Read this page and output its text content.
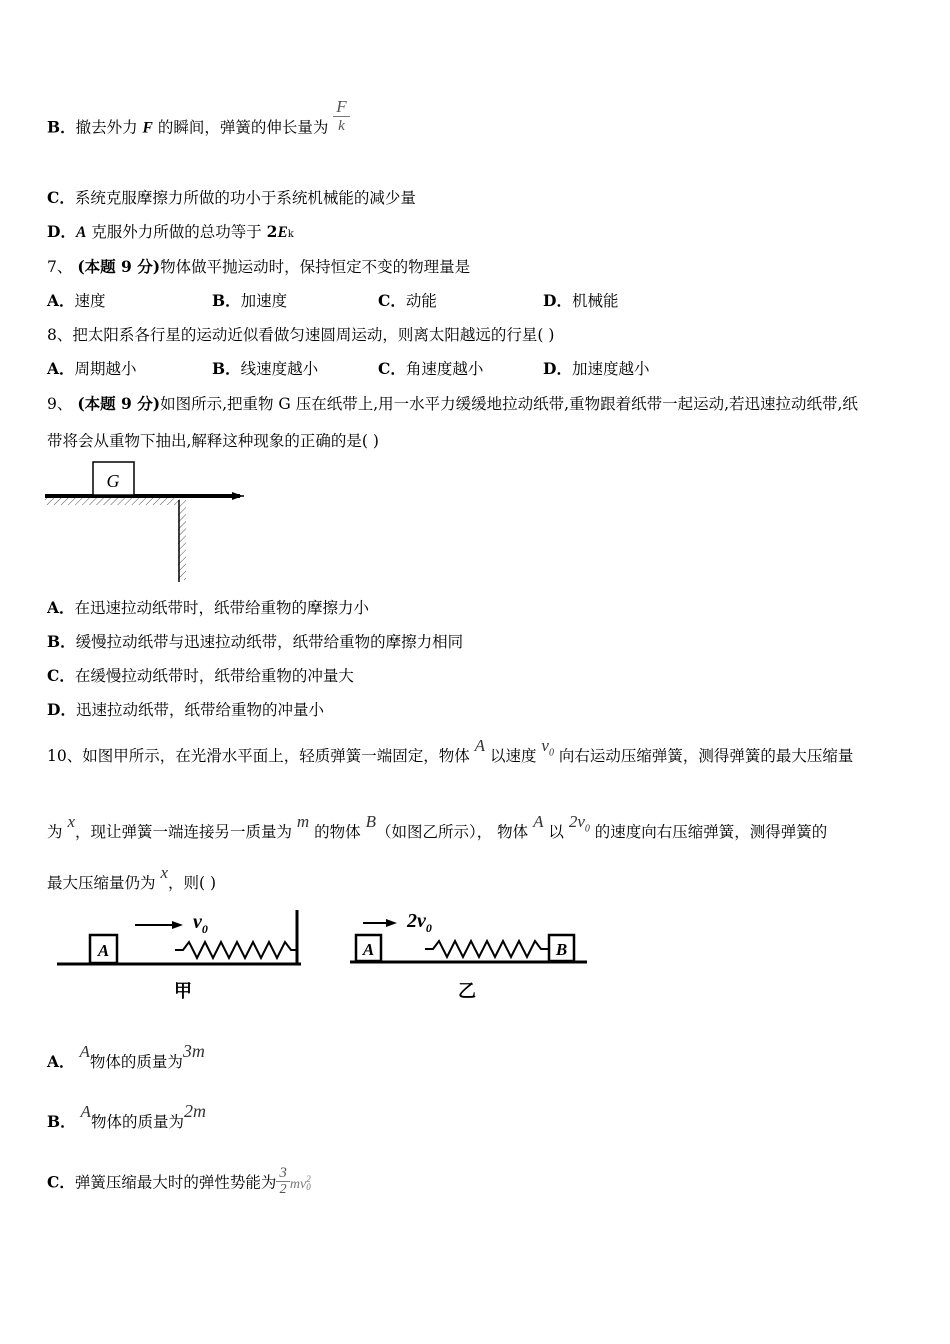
B．撤去外力 F 的瞬间，弹簧的伸长量为 $\frac{F}{k}$
C．系统克服摩擦力所做的功小于系统机械能的减少量
D．A 克服外力所做的总功等于 2Ek
7、 (本题 9 分)物体做平抛运动时，保持恒定不变的物理量是
A．速度	B．加速度	C．动能	D．机械能
8、把太阳系各行星的运动近似看做匀速圆周运动，则离太阳越远的行星( )
A．周期越小	B．线速度越小	C．角速度越小	D．加速度越小
9、 (本题 9 分)如图所示,把重物 G 压在纸带上,用一水平力缓缓地拉动纸带,重物跟着纸带一起运动,若迅速拉动纸带,纸
带将会从重物下抽出,解释这种现象的正确的是( )
G
A．在迅速拉动纸带时，纸带给重物的摩擦力小
B．缓慢拉动纸带与迅速拉动纸带，纸带给重物的摩擦力相同
C．在缓慢拉动纸带时，纸带给重物的冲量大
D．迅速拉动纸带，纸带给重物的冲量小
10、如图甲所示，在光滑水平面上，轻质弹簧一端固定，物体 A 以速度 $v_0$ 向右运动压缩弹簧，测得弹簧的最大压缩量
为 x，现让弹簧一端连接另一质量为 m 的物体 B（如图乙所示）， 物体 A 以 $2v_0$ 的速度向右压缩弹簧，测得弹簧的
最大压缩量仍为 x，则( )
A
$v_0$
甲
A	B
$2v_0$
乙
A． A物体的质量为3m
B． A物体的质量为2m
C．弹簧压缩最大时的弹性势能为 $\frac{3}{2}$ mv 2
0
